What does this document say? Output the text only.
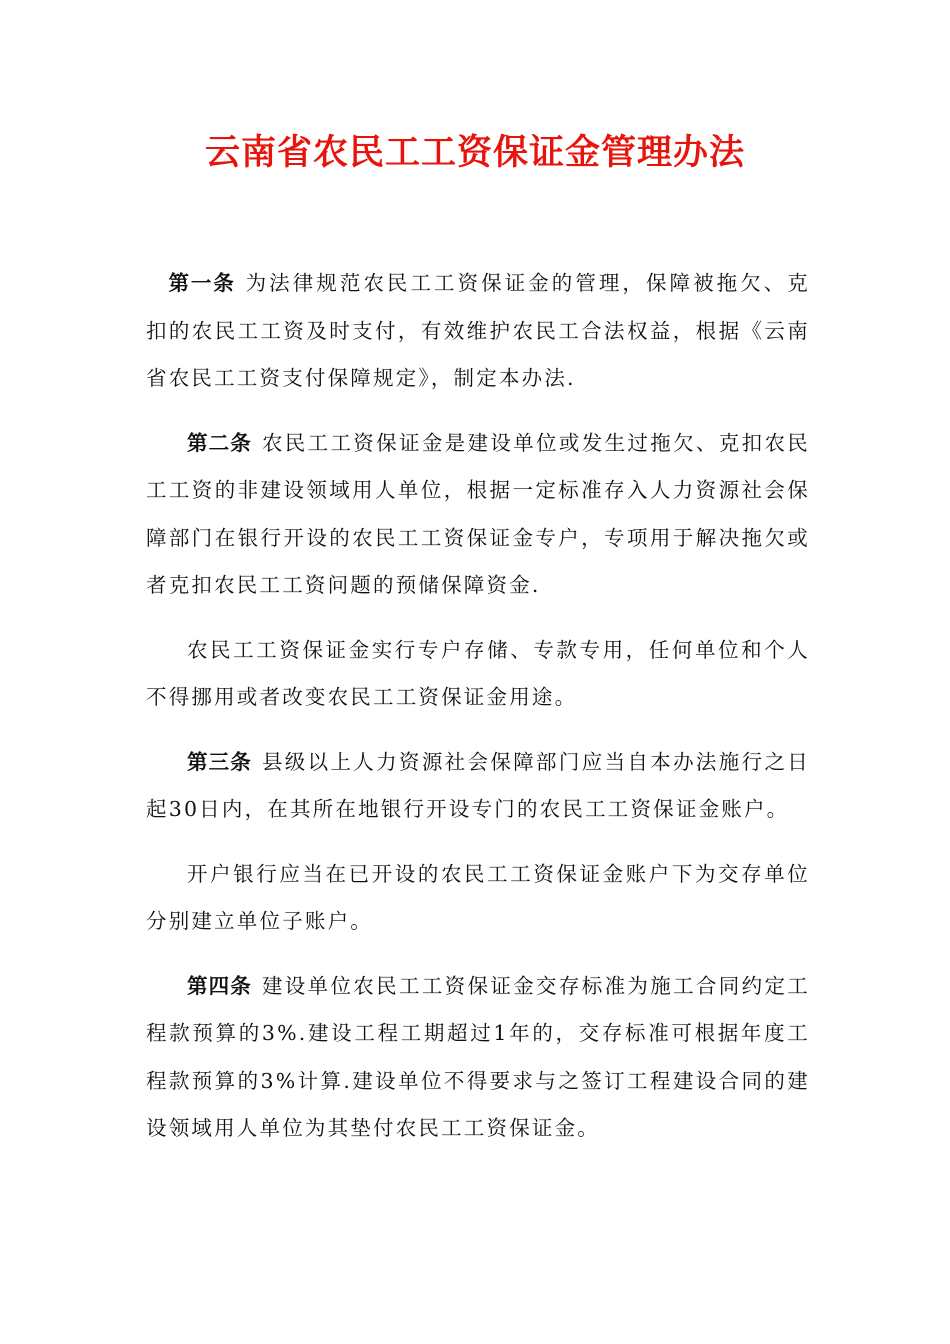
云南省农民工工资保证金管理办法

第一条 为法律规范农民工工资保证金的管理，保障被拖欠、克扣的农民工工资及时支付，有效维护农民工合法权益，根据《云南省农民工工资支付保障规定》，制定本办法.

第二条 农民工工资保证金是建设单位或发生过拖欠、克扣农民工工资的非建设领域用人单位，根据一定标准存入人力资源社会保障部门在银行开设的农民工工资保证金专户，专项用于解决拖欠或者克扣农民工工资问题的预储保障资金.

农民工工资保证金实行专户存储、专款专用，任何单位和个人不得挪用或者改变农民工工资保证金用途。

第三条 县级以上人力资源社会保障部门应当自本办法施行之日起30日内，在其所在地银行开设专门的农民工工资保证金账户。

开户银行应当在已开设的农民工工资保证金账户下为交存单位分别建立单位子账户。

第四条 建设单位农民工工资保证金交存标准为施工合同约定工程款预算的3%.建设工程工期超过1年的，交存标准可根据年度工程款预算的3%计算.建设单位不得要求与之签订工程建设合同的建设领域用人单位为其垫付农民工工资保证金。
